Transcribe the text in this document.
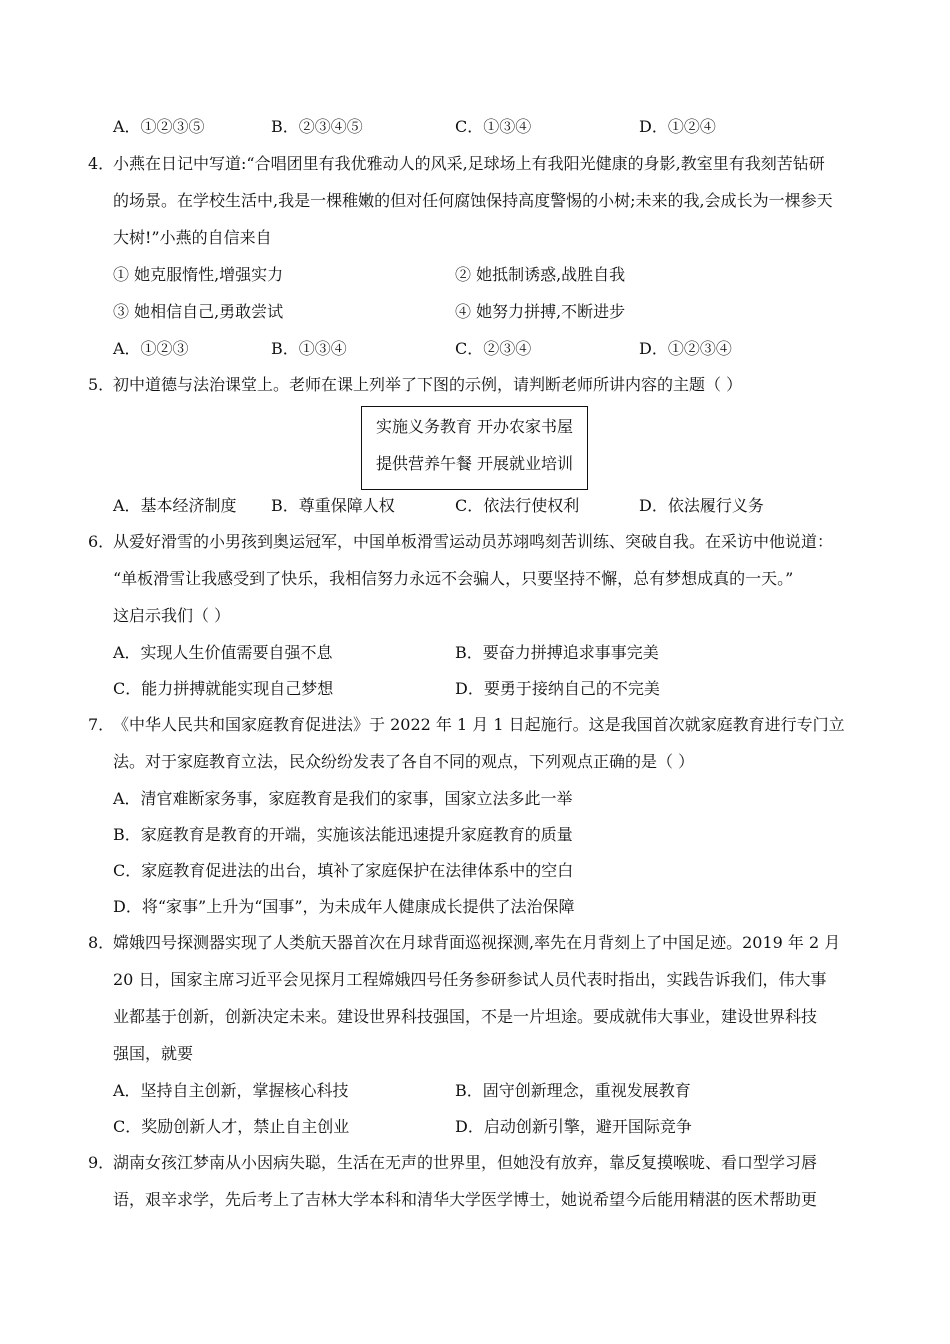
A．①②③⑤	B．②③④⑤	C．①③④	D．①②④
4．
小燕在日记中写道:“合唱团里有我优雅动人的风采,足球场上有我阳光健康的身影,教室里有我刻苦钻研
的场景。在学校生活中,我是一棵稚嫩的但对任何腐蚀保持高度警惕的小树;未来的我,会成长为一棵参天
大树!”小燕的自信来自
① 她克服惰性,增强实力	② 她抵制诱惑,战胜自我
③ 她相信自己,勇敢尝试	④ 她努力拼搏,不断进步
A．①②③	B．①③④	C．②③④	D．①②③④
5．
初中道德与法治课堂上。老师在课上列举了下图的示例，请判断老师所讲内容的主题（ ）
实施义务教育 开办农家书屋
提供营养午餐 开展就业培训
A．基本经济制度 B．尊重保障人权	C．依法行使权利	D．依法履行义务
6．
从爱好滑雪的小男孩到奥运冠军，中国单板滑雪运动员苏翊鸣刻苦训练、突破自我。在采访中他说道：
“单板滑雪让我感受到了快乐，我相信努力永远不会骗人，只要坚持不懈，总有梦想成真的一天。”
这启示我们（ ）
A．实现人生价值需要自强不息	B．要奋力拼搏追求事事完美
C．能力拼搏就能实现自己梦想	D．要勇于接纳自己的不完美
7．
《中华人民共和国家庭教育促进法》于 2022 年 1 月 1 日起施行。这是我国首次就家庭教育进行专门立
法。对于家庭教育立法，民众纷纷发表了各自不同的观点，下列观点正确的是（ ）
A．清官难断家务事，家庭教育是我们的家事，国家立法多此一举
B．家庭教育是教育的开端，实施该法能迅速提升家庭教育的质量
C．家庭教育促进法的出台，填补了家庭保护在法律体系中的空白
D．将“家事”上升为“国事”，为未成年人健康成长提供了法治保障
8．
嫦娥四号探测器实现了人类航天器首次在月球背面巡视探测,率先在月背刻上了中国足迹。2019 年 2 月
20 日，国家主席习近平会见探月工程嫦娥四号任务参研参试人员代表时指出，实践告诉我们，伟大事
业都基于创新，创新决定未来。建设世界科技强国，不是一片坦途。要成就伟大事业，建设世界科技
强国，就要
A．坚持自主创新，掌握核心科技	B．固守创新理念，重视发展教育
C．奖励创新人才，禁止自主创业	D．启动创新引擎，避开国际竞争
9．
湖南女孩江梦南从小因病失聪，生活在无声的世界里，但她没有放弃，靠反复摸喉咙、看口型学习唇
语，艰辛求学，先后考上了吉林大学本科和清华大学医学博士，她说希望今后能用精湛的医术帮助更
